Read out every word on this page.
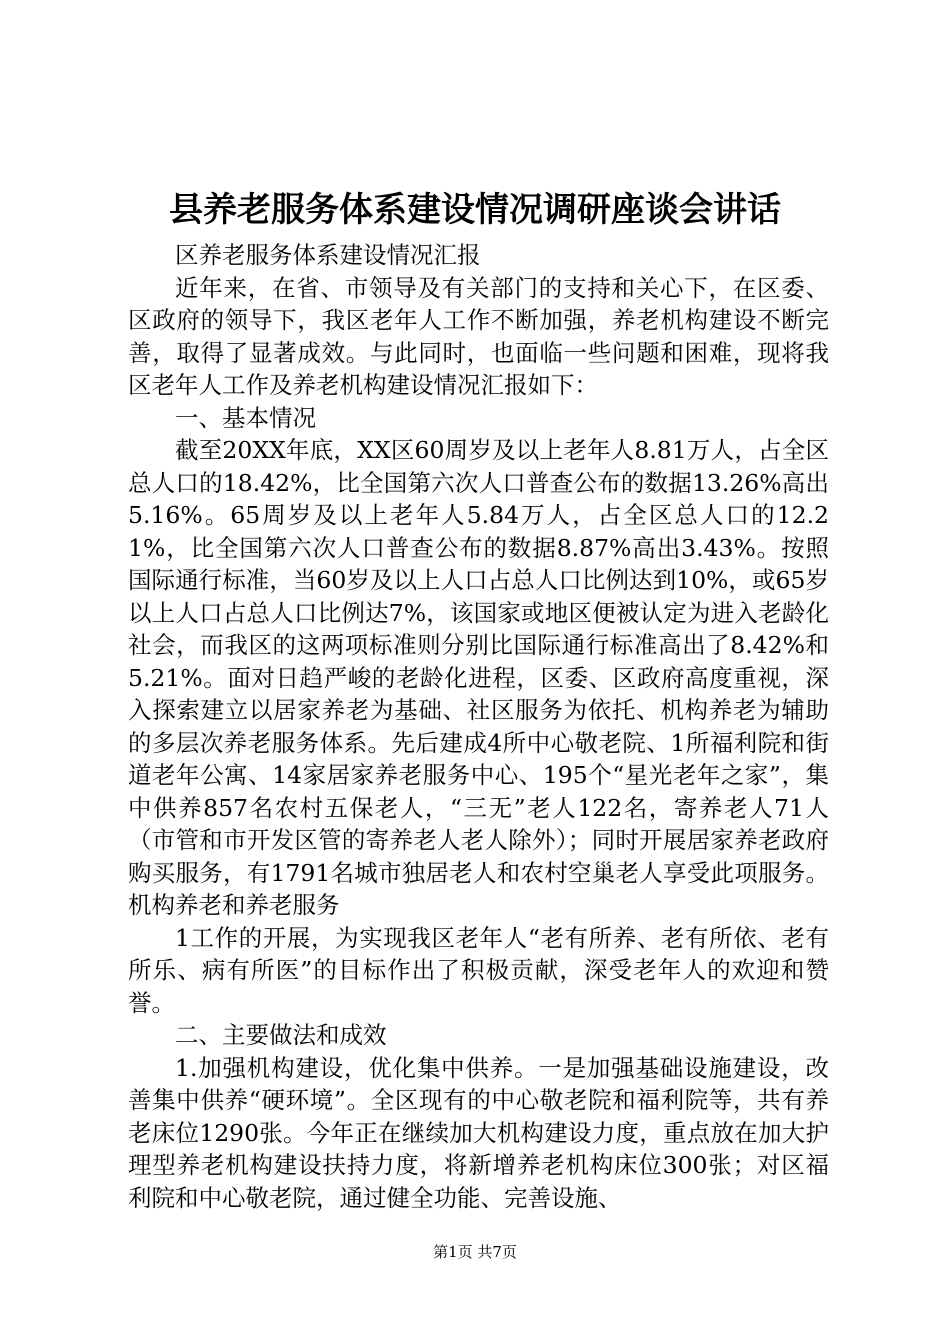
县养老服务体系建设情况调研座谈会讲话

区养老服务体系建设情况汇报

近年来，在省、市领导及有关部门的支持和关心下，在区委、区政府的领导下，我区老年人工作不断加强，养老机构建设不断完善，取得了显著成效。与此同时，也面临一些问题和困难，现将我区老年人工作及养老机构建设情况汇报如下：

一、基本情况

截至20XX年底，XX区60周岁及以上老年人8.81万人，占全区总人口的18.42%，比全国第六次人口普查公布的数据13.26%高出5.16%。65周岁及以上老年人5.84万人，占全区总人口的12.21%，比全国第六次人口普查公布的数据8.87%高出3.43%。按照国际通行标准，当60岁及以上人口占总人口比例达到10%，或65岁以上人口占总人口比例达7%，该国家或地区便被认定为进入老龄化社会，而我区的这两项标准则分别比国际通行标准高出了8.42%和5.21%。面对日趋严峻的老龄化进程，区委、区政府高度重视，深入探索建立以居家养老为基础、社区服务为依托、机构养老为辅助的多层次养老服务体系。先后建成4所中心敬老院、1所福利院和街道老年公寓、14家居家养老服务中心、195个“星光老年之家”，集中供养857名农村五保老人，“三无”老人122名，寄养老人71人（市管和市开发区管的寄养老人老人除外）；同时开展居家养老政府购买服务，有1791名城市独居老人和农村空巢老人享受此项服务。机构养老和养老服务

1工作的开展，为实现我区老年人“老有所养、老有所依、老有所乐、病有所医”的目标作出了积极贡献，深受老年人的欢迎和赞誉。

二、主要做法和成效

1.加强机构建设，优化集中供养。一是加强基础设施建设，改善集中供养“硬环境”。全区现有的中心敬老院和福利院等，共有养老床位1290张。今年正在继续加大机构建设力度，重点放在加大护理型养老机构建设扶持力度，将新增养老机构床位300张；对区福利院和中心敬老院，通过健全功能、完善设施、

第1页 共7页
